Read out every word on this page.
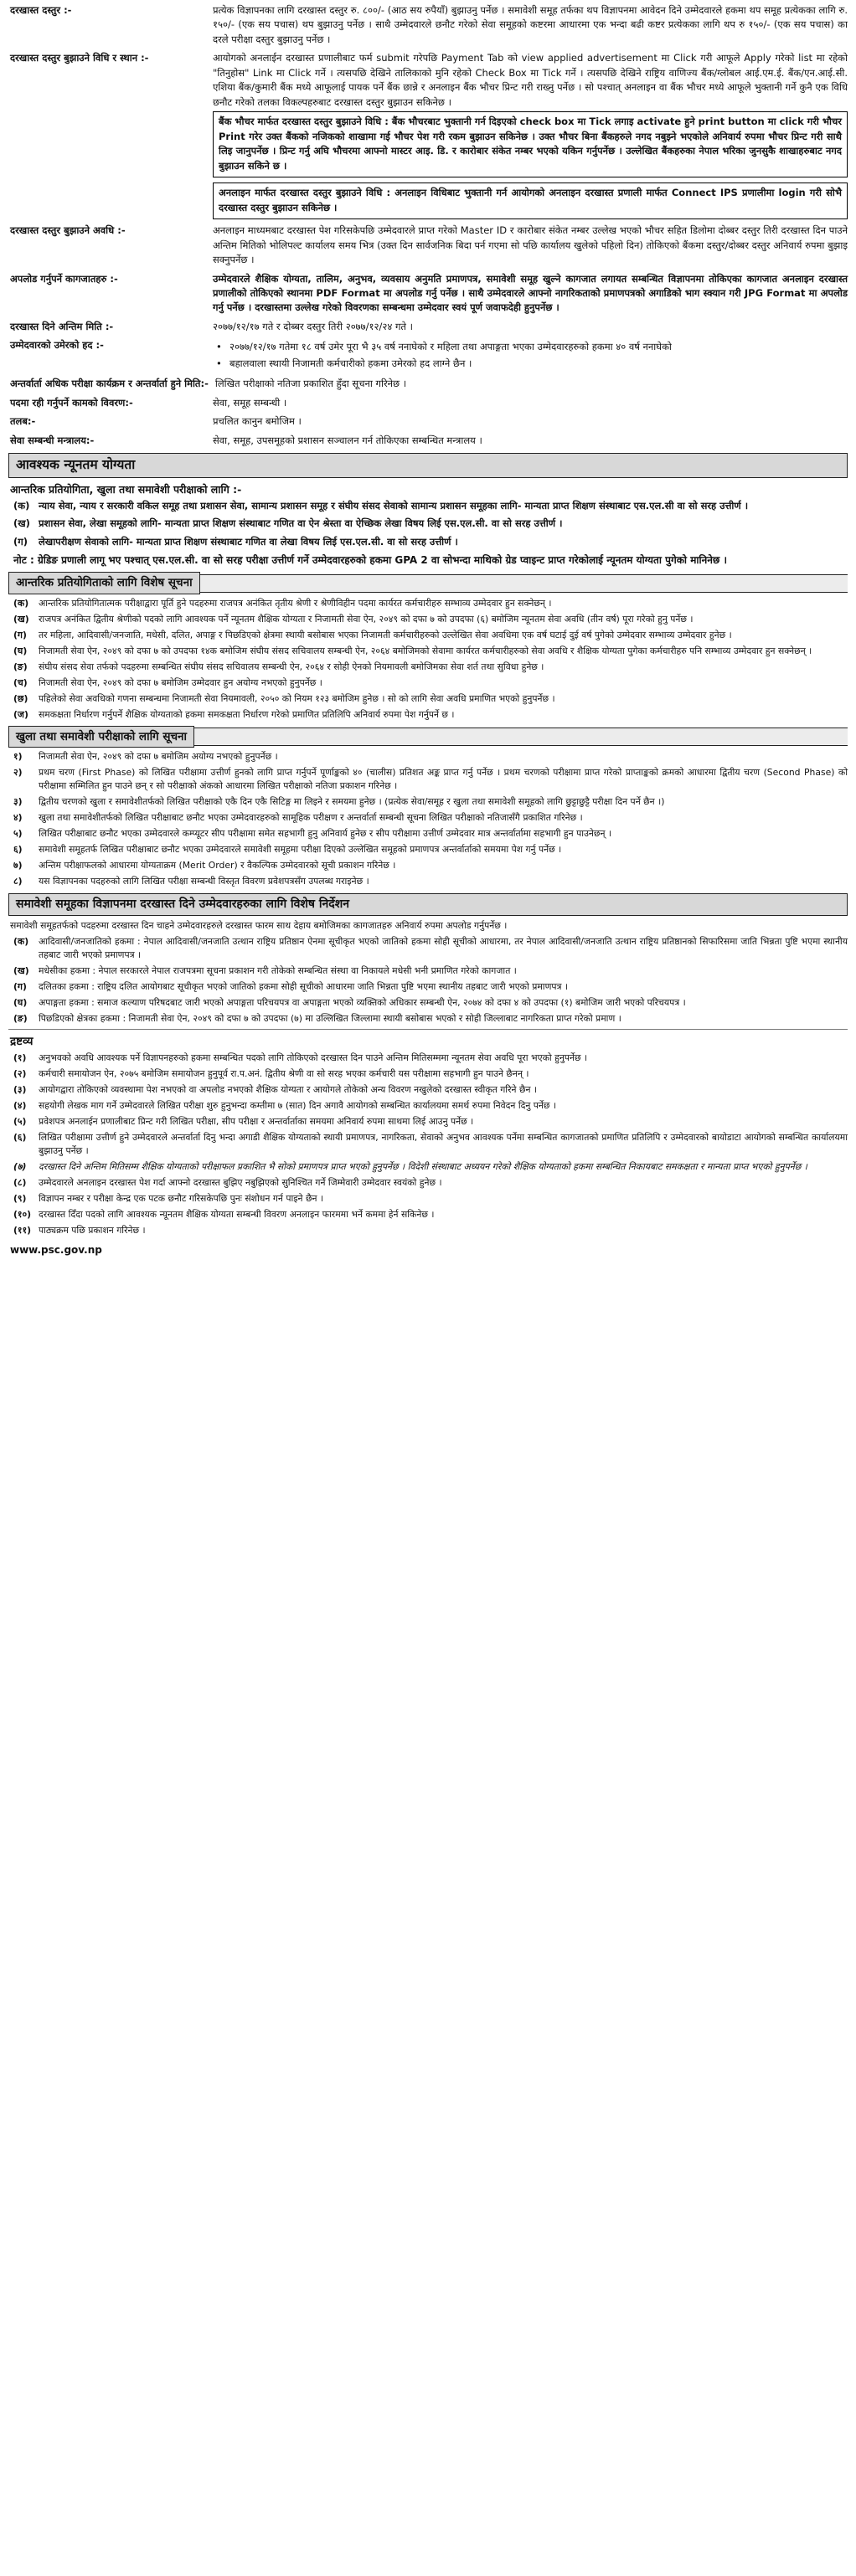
दरखास्त दस्तुर :-	प्रत्येक विज्ञापनका लागि दरखास्त दस्तुर रु. ८००/- (आठ सय रुपैयाँ) बुझाउनु पर्नेछ । समावेशी समूह तर्फका थप विज्ञापनमा आवेदन दिने उम्मेदवारले हकमा थप समूह प्रत्येकका लागि रु. १५०/- (एक सय पचास) थप बुझाउनु पर्नेछ । साथै उम्मेदवारले छनौट गरेको सेवा समूहको कष्टरमा आधारमा एक भन्दा बढी कष्टर प्रत्येकका लागि थप रु १५०/- (एक सय पचास) का दरले परीक्षा दस्तुर बुझाउनु पर्नेछ ।
दरखास्त दस्तुर बुझाउने विधि र स्थान :-	आयोगको अनलाईन दरखास्त प्रणालीबाट फर्म submit गरेपछि Payment Tab को view applied advertisement मा Click गरी आफूले Apply गरेको list मा रहेको "तिनुहोस" Link मा Click गर्ने । त्यसपछि देखिने तालिकाको मुनि रहेको Check Box मा Tick गर्ने । त्यसपछि देखिने राष्ट्रिय वाणिज्य बैंक/ग्लोबल आई.एम.ई. बैंक/एन.आई.सी. एशिया बैंक/कुमारी बैंक मध्ये आफूलाई पायक पर्ने बैंक छान्ने र अनलाइन बैंक भौचर प्रिन्ट गरी राख्नु पर्नेछ । सो पश्चात् अनलाइन वा बैंक भौचर मध्ये आफूले भुक्तानी गर्ने कुनै एक विधि छनौट गरेको तलका विकल्पहरुबाट दरखास्त दस्तुर बुझाउन सकिनेछ ।
बैंक भौचर मार्फत दरखास्त दस्तुर बुझाउने विधि : बैंक भौचरबाट भुक्तानी गर्न दिइएको check box मा Tick लगाइ activate हुने print button मा click गरी भौचर Print गरेर उक्त बैंकको नजिकको शाखामा गई भौचर पेश गरी रकम बुझाउन सकिनेछ । उक्त भौचर बिना बैंकहरुले नगद नबुझ्ने भएकोले अनिवार्य रुपमा भौचर प्रिन्ट गरी साथै लिइ जानुपर्नेछ । प्रिन्ट गर्नु अघि भौचरमा आफ्नो मास्टर आइ. डि. र कारोबार संकेत नम्बर भएको यकिन गर्नुपर्नेछ । उल्लेखित बैंकहरुका नेपाल भरिका जुनसुकै शाखाहरुबाट नगद बुझाउन सकिने छ ।
अनलाइन मार्फत दरखास्त दस्तुर बुझाउने विधि : अनलाइन विधिबाट भुक्तानी गर्न आयोगको अनलाइन दरखास्त प्रणाली मार्फत Connect IPS प्रणालीमा login गरी सोभै दरखास्त दस्तुर बुझाउन सकिनेछ ।
दरखास्त दस्तुर बुझाउने अवधि :-	अनलाइन माध्यमबाट दरखास्त पेश गरिसकेपछि उम्मेदवारले प्राप्त गरेको Master ID र कारोबार संकेत नम्बर उल्लेख भएको भौचर सहित डिलोमा दोब्बर दस्तुर तिरी दरखास्त दिन पाउने अन्तिम मितिको भोलिपल्ट कार्यालय समय भित्र (उक्त दिन सार्वजनिक बिदा पर्न गएमा सो पछि कार्यालय खुलेको पहिलो दिन) तोकिएको बैंकमा दस्तुर/दोब्बर दस्तुर अनिवार्य रुपमा बुझाइ सक्नुपर्नेछ ।
अपलोड गर्नुपर्ने कागजातहरु :-	उम्मेदवारले शैक्षिक योग्यता, तालिम, अनुभव, व्यवसाय अनुमति प्रमाणपत्र, समावेशी समूह खुल्ने कागजात लगायत सम्बन्धित विज्ञापनमा तोकिएका कागजात अनलाइन दरखास्त प्रणालीको तोकिएको स्थानमा PDF Format मा अपलोड गर्नु पर्नेछ । साथै उम्मेदवारले आफ्नो नागरिकताको प्रमाणपत्रको अगाडिको भाग स्क्यान गरी JPG Format मा अपलोड गर्नु पर्नेछ । दरखास्तमा उल्लेख गरेको विवरणका सम्बन्धमा उम्मेदवार स्वयं पूर्ण जवाफदेही हुनुपर्नेछ ।
दरखास्त दिने अन्तिम मिति :-	२०७७/१२/१७ गते र दोब्बर दस्तुर तिरी २०७७/१२/२४ गते ।
उम्मेदवारको उमेरको हद :-	• २०७७/१२/१७ गतेमा १८ वर्ष उमेर पूरा भै ३५ वर्ष ननाघेको र महिला तथा अपाङ्गता भएका उम्मेदवारहरुको हकमा ४० वर्ष ननाघेको
• बहालवाला स्थायी निजामती कर्मचारीको हकमा उमेरको हद लाग्ने छैन ।
अन्तर्वार्ता अधिक परीक्षा कार्यक्रम र अन्तर्वार्ता हुने मिति:- लिखित परीक्षाको नतिजा प्रकाशित हुँदा सूचना गरिनेछ ।
पदमा रही गर्नुपर्ने कामको विवरण:-	सेवा, समूह सम्बन्धी ।
तलब:-	प्रचलित कानुन बमोजिम ।
सेवा सम्बन्धी मन्त्रालय:-	सेवा, समूह, उपसमूहको प्रशासन सञ्चालन गर्न तोकिएका सम्बन्धित मन्त्रालय ।
आवश्यक न्यूनतम योग्यता
आन्तरिक प्रतियोगिता, खुला तथा समावेशी परीक्षाको लागि :-
(क) न्याय सेवा, न्याय र सरकारी वकिल समूह तथा प्रशासन सेवा, सामान्य प्रशासन समूह र संघीय संसद सेवाको सामान्य प्रशासन समूहका लागि- मान्यता प्राप्त शिक्षण संस्थाबाट एस.एल.सी वा सो सरह उत्तीर्ण ।
(ख) प्रशासन सेवा, लेखा समूहको लागि- मान्यता प्राप्त शिक्षण संस्थाबाट गणित वा ऐन श्रेस्ता वा ऐच्छिक लेखा विषय लिई एस.एल.सी. वा सो सरह उत्तीर्ण ।
(ग)	लेखापरीक्षण सेवाको लागि- मान्यता प्राप्त शिक्षण संस्थाबाट गणित वा लेखा विषय लिई एस.एल.सी. वा सो सरह उत्तीर्ण ।
नोट : ग्रेडिङ प्रणाली लागू भए पश्चात् एस.एल.सी. वा सो सरह परीक्षा उत्तीर्ण गर्ने उम्मेदवारहरुको हकमा GPA 2 वा सोभन्दा माथिको ग्रेड प्वाइन्ट प्राप्त गरेकोलाई न्यूनतम योग्यता पुगेको मानिनेछ ।
आन्तरिक प्रतियोगिताको लागि विशेष सूचना
(क)	आन्तरिक प्रतियोगितात्मक परीक्षाद्वारा पूर्ति हुने पदहरुमा राजपत्र अनंकित तृतीय श्रेणी र श्रेणीविहीन पदमा कार्यरत कर्मचारीहरु सम्भाव्य उम्मेदवार हुन सक्नेछन् ।
(ख)	राजपत्र अनंकित द्वितीय श्रेणीको पदको लागि आवश्यक पर्ने न्यूनतम शैक्षिक योग्यता र निजामती सेवा ऐन, २०४९ को दफा ७ को उपदफा (६) बमोजिम न्यूनतम सेवा अवधि (तीन वर्ष) पूरा गरेको हुनु पर्नेछ ।
(ग)	तर महिला, आदिवासी/जनजाति, मधेसी, दलित, अपाङ्ग र पिछडिएको क्षेत्रमा स्थायी बसोबास भएका निजामती कर्मचारीहरुको उल्लेखित सेवा अवधिमा एक वर्ष घटाई दुई वर्ष पुगेको उम्मेदवार सम्भाव्य उम्मेदवार हुनेछ ।
(घ)	निजामती सेवा ऐन, २०४९ को दफा ७ को उपदफा १४क बमोजिम संघीय संसद सचिवालय सम्बन्धी ऐन, २०६४ बमोजिमको सेवामा कार्यरत कर्मचारीहरुको सेवा अवधि र शैक्षिक योग्यता पुगेका कर्मचारीहरु पनि सम्भाव्य उम्मेदवार हुन सक्नेछन् ।
(ङ)	संघीय संसद सेवा तर्फको पदहरुमा सम्बन्धित संघीय संसद सचिवालय सम्बन्धी ऐन, २०६४ र सोही ऐनको नियमावली बमोजिमका सेवा शर्त तथा सुविधा हुनेछ ।
(च)	निजामती सेवा ऐन, २०४९ को दफा ७ बमोजिम उम्मेदवार हुन अयोग्य नभएको हुनुपर्नेछ ।
(छ)	पहिलेको सेवा अवधिको गणना सम्बन्धमा निजामती सेवा नियमावली, २०५० को नियम १२३ बमोजिम हुनेछ । सो को लागि सेवा अवधि प्रमाणित भएको हुनुपर्नेछ ।
(ज)	समकक्षता निर्धारण गर्नुपर्ने शैक्षिक योग्यताको हकमा समकक्षता निर्धारण गरेको प्रमाणित प्रतिलिपि अनिवार्य रुपमा पेश गर्नुपर्ने छ ।
खुला तथा समावेशी परीक्षाको लागि सूचना
१)	निजामती सेवा ऐन, २०४९ को दफा ७ बमोजिम अयोग्य नभएको हुनुपर्नेछ ।
२)	प्रथम चरण (First Phase) को लिखित परीक्षामा उत्तीर्ण हुनको लागि प्राप्त गर्नुपर्ने पूर्णाङ्कको ४० (चालीस) प्रतिशत अङ्क प्राप्त गर्नु पर्नेछ । प्रथम चरणको परीक्षामा प्राप्त गरेको प्राप्ताङ्कको क्रमको आधारमा द्वितीय चरण (Second Phase) को परीक्षामा सम्मिलित हुन पाउने छन् र सो परीक्षाको अंकको आधारमा लिखित परीक्षाको नतिजा प्रकाशन गरिनेछ ।
३)	द्वितीय चरणको खुला र समावेशीतर्फको लिखित परीक्षाको एकै दिन एकै सिटिङ्ग मा लिइने र समयमा हुनेछ । (प्रत्येक सेवा/समूह र खुला तथा समावेशी समूहको लागि छुट्टाछुट्टै परीक्षा दिन पर्ने छैन ।)
४)	खुला तथा समावेशीतर्फको लिखित परीक्षाबाट छनौट भएका उम्मेदवारहरुको सामूहिक परीक्षण र अन्तर्वार्ता सम्बन्धी सूचना लिखित परीक्षाको नतिजासँगै प्रकाशित गरिनेछ ।
५)	लिखित परीक्षाबाट छनौट भएका उम्मेदवारले कम्प्यूटर सीप परीक्षामा समेत सहभागी हुनु अनिवार्य हुनेछ र सीप परीक्षामा उत्तीर्ण उम्मेदवार मात्र अन्तर्वार्तामा सहभागी हुन पाउनेछन् ।
६)	समावेशी समूहतर्फ लिखित परीक्षाबाट छनौट भएका उम्मेदवारले समावेशी समूहमा परीक्षा दिएको उल्लेखित समूहको प्रमाणपत्र अन्तर्वार्ताको समयमा पेश गर्नु पर्नेछ ।
७)	अन्तिम परीक्षाफलको आधारमा योग्यताक्रम (Merit Order) र वैकल्पिक उम्मेदवारको सूची प्रकाशन गरिनेछ ।
८)	यस विज्ञापनका पदहरुको लागि लिखित परीक्षा सम्बन्धी विस्तृत विवरण प्रवेशपत्रसँग उपलब्ध गराइनेछ ।
समावेशी समूहका विज्ञापनमा दरखास्त दिने उम्मेदवारहरुका लागि विशेष निर्देशन
समावेशी समूहतर्फको पदहरुमा दरखास्त दिन चाहने उम्मेदवारहरुले दरखास्त फारम साथ देहाय बमोजिमका कागजातहरु अनिवार्य रुपमा अपलोड गर्नुपर्नेछ ।
(क)	आदिवासी/जनजातिको हकमा : नेपाल आदिवासी/जनजाति उत्थान राष्ट्रिय प्रतिष्ठान ऐनमा सूचीकृत भएको जातिको हकमा सोही सूचीको आधारमा, तर नेपाल आदिवासी/जनजाति उत्थान राष्ट्रिय प्रतिष्ठानको सिफारिसमा जाति भिन्नता पुष्टि भएमा स्थानीय तहबाट जारी भएको प्रमाणपत्र ।
(ख)	मधेसीका हकमा : नेपाल सरकारले नेपाल राजपत्रमा सूचना प्रकाशन गरी तोकेको सम्बन्धित संस्था वा निकायले मधेसी भनी प्रमाणित गरेको कागजात ।
(ग)	दलितका हकमा : राष्ट्रिय दलित आयोगबाट सूचीकृत भएको जातिको हकमा सोही सूचीको आधारमा जाति भिन्नता पुष्टि भएमा स्थानीय तहबाट जारी भएको प्रमाणपत्र ।
(घ)	अपाङ्गता हकमा : समाज कल्याण परिषदबाट जारी भएको अपाङ्गता परिचयपत्र वा अपाङ्गता भएको व्यक्तिको अधिकार सम्बन्धी ऐन, २०७४ को दफा ४ को उपदफा (१) बमोजिम जारी भएको परिचयपत्र ।
(ङ)	पिछडिएको क्षेत्रका हकमा : निजामती सेवा ऐन, २०४९ को दफा ७ को उपदफा (७) मा उल्लिखित जिल्लामा स्थायी बसोबास भएको र सोही जिल्लाबाट नागरिकता प्राप्त गरेको प्रमाण ।
द्रष्टव्य
(१)	अनुभवको अवधि आवश्यक पर्ने विज्ञापनहरुको हकमा सम्बन्धित पदको लागि तोकिएको दरखास्त दिन पाउने अन्तिम मितिसम्ममा न्यूनतम सेवा अवधि पूरा भएको हुनुपर्नेछ ।
(२)	कर्मचारी समायोजन ऐन, २०७५ बमोजिम समायोजन हुनुपूर्व रा.प.अनं. द्वितीय श्रेणी वा सो सरह भएका कर्मचारी यस परीक्षामा सहभागी हुन पाउने छैनन् ।
(३)	आयोगद्वारा तोकिएको व्यवस्थामा पेश नभएको वा अपलोड नभएको शैक्षिक योग्यता र आयोगले तोकेको अन्य विवरण नखुलेको दरखास्त स्वीकृत गरिने छैन ।
(४)	सहयोगी लेखक माग गर्ने उम्मेदवारले लिखित परीक्षा शुरु हुनुभन्दा कम्तीमा ७ (सात) दिन अगावै आयोगको सम्बन्धित कार्यालयमा समर्थ रुपमा निवेदन दिनु पर्नेछ ।
(५)	प्रवेशपत्र अनलाईन प्रणालीबाट प्रिन्ट गरी लिखित परीक्षा, सीप परीक्षा र अन्तर्वार्ताका समयमा अनिवार्य रुपमा साथमा लिई आउनु पर्नेछ ।
(६)	लिखित परीक्षामा उत्तीर्ण हुने उम्मेदवारले अन्तर्वार्ता दिनु भन्दा अगाडी शैक्षिक योग्यताको स्थायी प्रमाणपत्र, नागरिकता, सेवाको अनुभव आवश्यक पर्नेमा सम्बन्धित कागजातको प्रमाणित प्रतिलिपि र उम्मेदवारको बायोडाटा आयोगको सम्बन्धित कार्यालयमा बुझाउनु पर्नेछ ।
(७)	दरखास्त दिने अन्तिम मितिसम्म शैक्षिक योग्यताको परीक्षाफल प्रकाशित भै सोको प्रमाणपत्र प्राप्त भएको हुनुपर्नेछ । विदेशी संस्थाबाट अध्ययन गरेको शैक्षिक योग्यताको हकमा सम्बन्धित निकायबाट समकक्षता र मान्यता प्राप्त भएको हुनुपर्नेछ ।
(८)	उम्मेदवारले अनलाइन दरखास्त पेश गर्दा आफ्नो दरखास्त बुझिए नबुझिएको सुनिश्चित गर्ने जिम्मेवारी उम्मेदवार स्वयंको हुनेछ ।
(९)	विज्ञापन नम्बर र परीक्षा केन्द्र एक पटक छनौट गरिसकेपछि पुनः संशोधन गर्न पाइने छैन ।
(१०) दरखास्त दिँदा पदको लागि आवश्यक न्यूनतम शैक्षिक योग्यता सम्बन्धी विवरण अनलाइन फारममा भर्ने कममा हेर्न सकिनेछ ।
(११) पाठ्यक्रम पछि प्रकाशन गरिनेछ ।
www.psc.gov.np
